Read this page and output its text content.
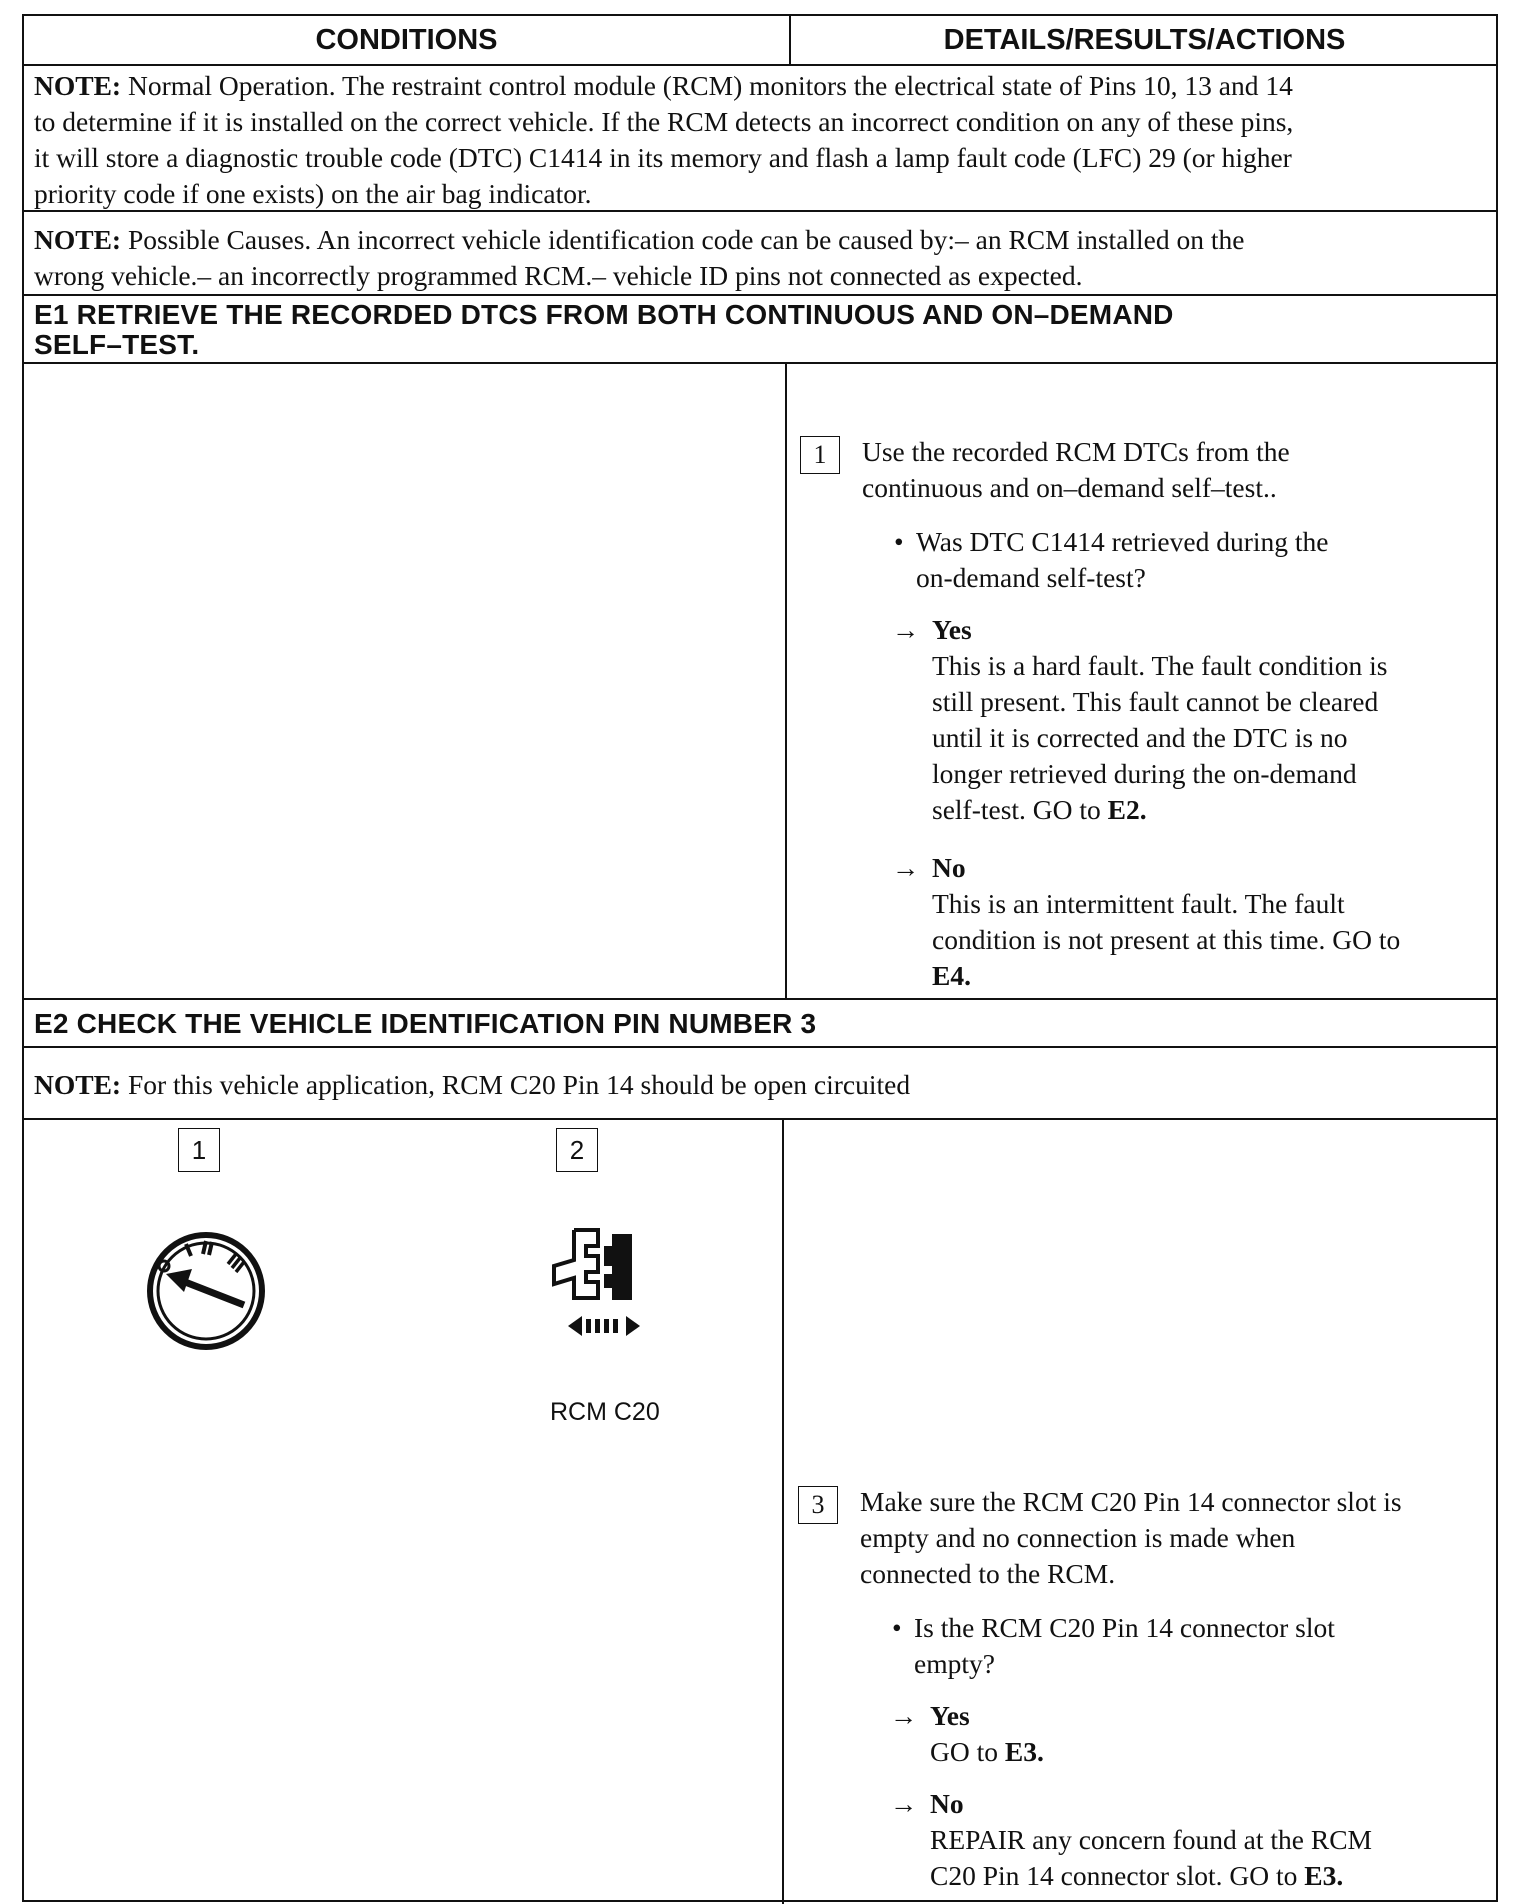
CONDITIONS	DETAILS/RESULTS/ACTIONS
NOTE: Normal Operation. The restraint control module (RCM) monitors the electrical state of Pins 10, 13 and 14
to determine if it is installed on the correct vehicle. If the RCM detects an incorrect condition on any of these pins,
it will store a diagnostic trouble code (DTC) C1414 in its memory and flash a lamp fault code (LFC) 29 (or higher
priority code if one exists) on the air bag indicator.
NOTE: Possible Causes. An incorrect vehicle identification code can be caused by:– an RCM installed on the
wrong vehicle.– an incorrectly programmed RCM.– vehicle ID pins not connected as expected.
E1 RETRIEVE THE RECORDED DTCS FROM BOTH CONTINUOUS AND ON–DEMAND
SELF–TEST.
1	Use the recorded RCM DTCs from the
continuous and on–demand self–test..
• Was DTC C1414 retrieved during the
on-demand self-test?
→ Yes
This is a hard fault. The fault condition is
still present. This fault cannot be cleared
until it is corrected and the DTC is no
longer retrieved during the on-demand
self-test. GO to E2.
→ No
This is an intermittent fault. The fault
condition is not present at this time. GO to
E4.
E2 CHECK THE VEHICLE IDENTIFICATION PIN NUMBER 3
NOTE: For this vehicle application, RCM C20 Pin 14 should be open circuited
1	2
RCM C20
3	Make sure the RCM C20 Pin 14 connector slot is
empty and no connection is made when
connected to the RCM.
• Is the RCM C20 Pin 14 connector slot
empty?
→ Yes
GO to E3.
→ No
REPAIR any concern found at the RCM
C20 Pin 14 connector slot. GO to E3.
